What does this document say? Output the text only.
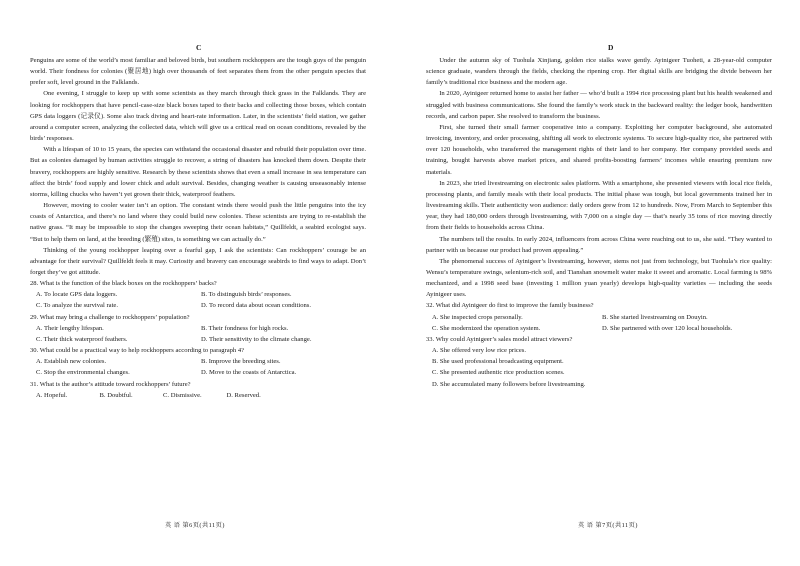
C

Penguins are some of the world’s most familiar and beloved birds, but southern rockhoppers are the tough guys of the penguin world. Their fondness for colonies (聚居地) high over thousands of feet separates them from the other penguin species that prefer soft, level ground in the Falklands.

One evening, I struggle to keep up with some scientists as they march through thick grass in the Falklands. They are looking for rockhoppers that have pencil-case-size black boxes taped to their backs and collecting those boxes, which contain GPS data loggers (记录仪). Some also track diving and heart-rate information. Later, in the scientists’ field station, we gather around a computer screen, analyzing the collected data, which will give us a critical read on ocean conditions, revealed by the birds’ responses.

With a lifespan of 10 to 15 years, the species can withstand the occasional disaster and rebuild their population over time. But as colonies damaged by human activities struggle to recover, a string of disasters has knocked them down. Despite their bravery, rockhoppers are highly sensitive. Research by these scientists shows that even a small increase in sea temperature can affect the birds’ food supply and lower chick and adult survival. Besides, changing weather is causing unseasonably intense storms, killing chucks who haven’t yet grown their thick, waterproof feathers.

However, moving to cooler water isn’t an option. The constant winds there would push the little penguins into the icy coasts of Antarctica, and there’s no land where they could build new colonies. These scientists are trying to re-establish the native grass. “It may be impossible to stop the changes sweeping their ocean habitats,” Quillfeldt, a seabird ecologist says. “But to help them on land, at the breeding (繁殖) sites, is something we can actually do.”

Thinking of the young rockhopper leaping over a fearful gap, I ask the scientists: Can rockhoppers’ courage be an advantage for their survival? Quillfeldt feels it may. Curiosity and bravery can encourage seabirds to find ways to adapt. Don’t forget they’ve got attitude.

28. What is the function of the black boxes on the rockhoppers’ backs?

A. To locate GPS data loggers.	B. To distinguish birds’ responses.
C. To analyze the survival rate.	D. To record data about ocean conditions.

29. What may bring a challenge to rockhoppers’ population?

A. Their lengthy lifespan.	B. Their fondness for high rocks.
C. Their thick waterproof feathers.	D. Their sensitivity to the climate change.

30. What could be a practical way to help rockhoppers according to paragraph 4?

A. Establish new colonies.	B. Improve the breeding sites.
C. Stop the environmental changes.	D. Move to the coasts of Antarctica.

31. What is the author’s attitude toward rockhoppers’ future?

A. Hopeful.	B. Doubtful.	C. Dismissive.	D. Reserved.
英 语 第6页(共11页)
D

Under the autumn sky of Tuohula Xinjiang, golden rice stalks wave gently. Ayinigeer Tuoheti, a 28-year-old computer science graduate, wanders through the fields, checking the ripening crop. Her digital skills are bridging the divide between her family’s traditional rice business and the modern age.

In 2020, Ayinigeer returned home to assist her father — who’d built a 1994 rice processing plant but his health weakened and struggled with business communications. She found the family’s work stuck in the backward reality: the ledger book, handwritten records, and carbon paper. She resolved to transform the business.

First, she turned their small farmer cooperative into a company. Exploiting her computer background, she automated invoicing, inventory, and order processing, shifting all work to electronic systems. To secure high-quality rice, she partnered with over 120 households, who transferred the management rights of their land to her company. Her company provided seeds and training, bought harvests above market prices, and shared profits-boosting farmers’ incomes while ensuring premium raw materials.

In 2023, she tried livestreaming on electronic sales platform. With a smartphone, she presented viewers with local rice fields, processing plants, and family meals with their local products. The initial phase was tough, but local governments trained her in livestreaming skills. Their authenticity won audience: daily orders grew from 12 to hundreds. Now, From March to September this year, they had 180,000 orders through livestreaming, with 7,000 on a single day — that’s nearly 35 tons of rice moving directly from their fields to households across China.

The numbers tell the results. In early 2024, influencers from across China were reaching out to us, she said. “They wanted to partner with us because our product had proven appealing.”

The phenomenal success of Ayinigeer’s livestreaming, however, stems not just from technology, but Tuohula’s rice quality: Wensu’s temperature swings, selenium-rich soil, and Tianshan snowmelt water make it sweet and aromatic. Local farming is 98% mechanized, and a 1998 seed base (investing 1 million yuan yearly) develops high-quality varieties — including the seeds Ayinigeer uses.

32. What did Ayinigeer do first to improve the family business?

A. She inspected crops personally.	B. She started livestreaming on Douyin.
C. She modernized the operation system.	D. She partnered with over 120 local households.

33. Why could Ayinigeer’s sales model attract viewers?

A. She offered very low rice prices.
B. She used professional broadcasting equipment.
C. She presented authentic rice production scenes.
D. She accumulated many followers before livestreaming.
英 语 第7页(共11页)
